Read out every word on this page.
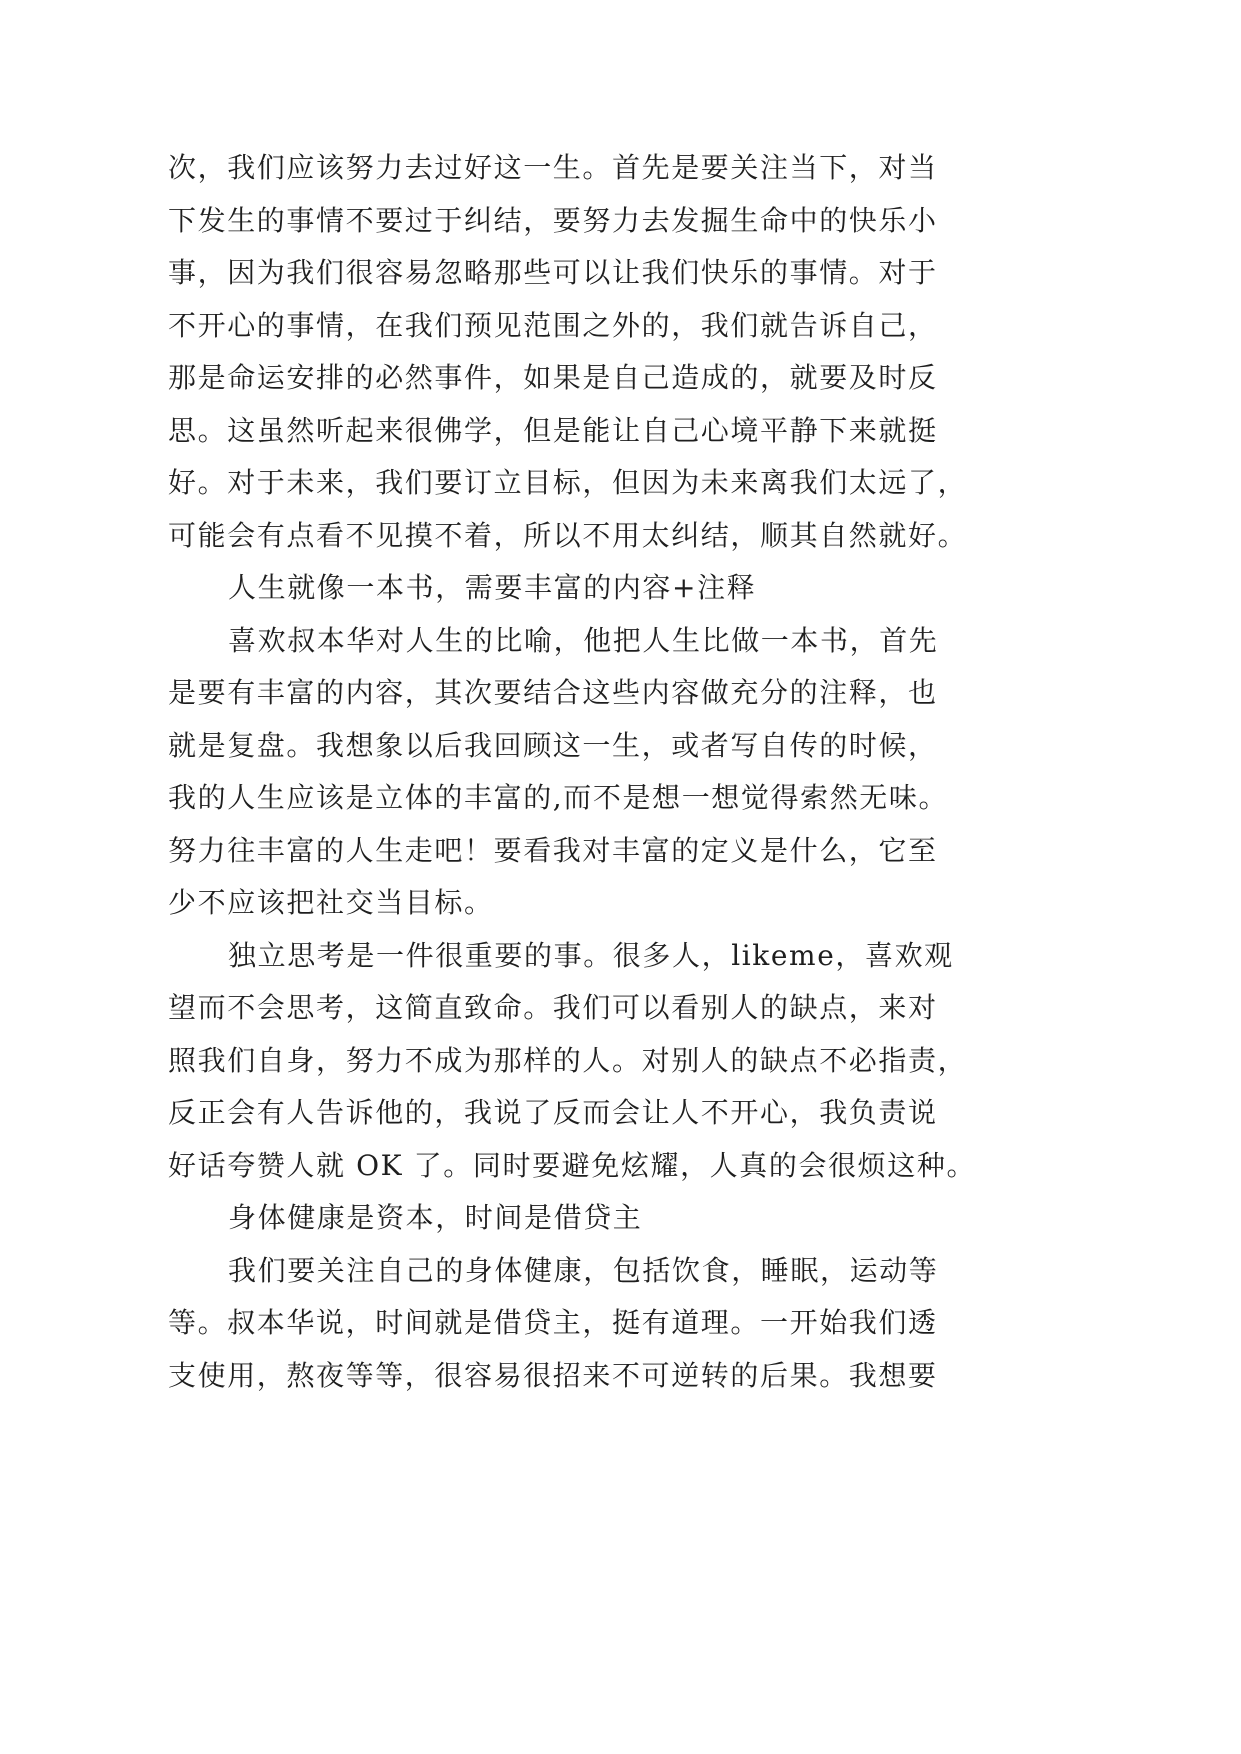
次，我们应该努力去过好这一生。首先是要关注当下，对当
下发生的事情不要过于纠结，要努力去发掘生命中的快乐小
事，因为我们很容易忽略那些可以让我们快乐的事情。对于
不开心的事情，在我们预见范围之外的，我们就告诉自己，
那是命运安排的必然事件，如果是自己造成的，就要及时反
思。这虽然听起来很佛学，但是能让自己心境平静下来就挺
好。对于未来，我们要订立目标，但因为未来离我们太远了，
可能会有点看不见摸不着，所以不用太纠结，顺其自然就好。
人生就像一本书，需要丰富的内容+注释
喜欢叔本华对人生的比喻，他把人生比做一本书，首先
是要有丰富的内容，其次要结合这些内容做充分的注释，也
就是复盘。我想象以后我回顾这一生，或者写自传的时候，
我的人生应该是立体的丰富的,而不是想一想觉得索然无味。
努力往丰富的人生走吧！要看我对丰富的定义是什么，它至
少不应该把社交当目标。
独立思考是一件很重要的事。很多人，likeme，喜欢观
望而不会思考，这简直致命。我们可以看别人的缺点，来对
照我们自身，努力不成为那样的人。对别人的缺点不必指责，
反正会有人告诉他的，我说了反而会让人不开心，我负责说
好话夸赞人就 OK 了。同时要避免炫耀，人真的会很烦这种。
身体健康是资本，时间是借贷主
我们要关注自己的身体健康，包括饮食，睡眠，运动等
等。叔本华说，时间就是借贷主，挺有道理。一开始我们透
支使用，熬夜等等，很容易很招来不可逆转的后果。我想要
